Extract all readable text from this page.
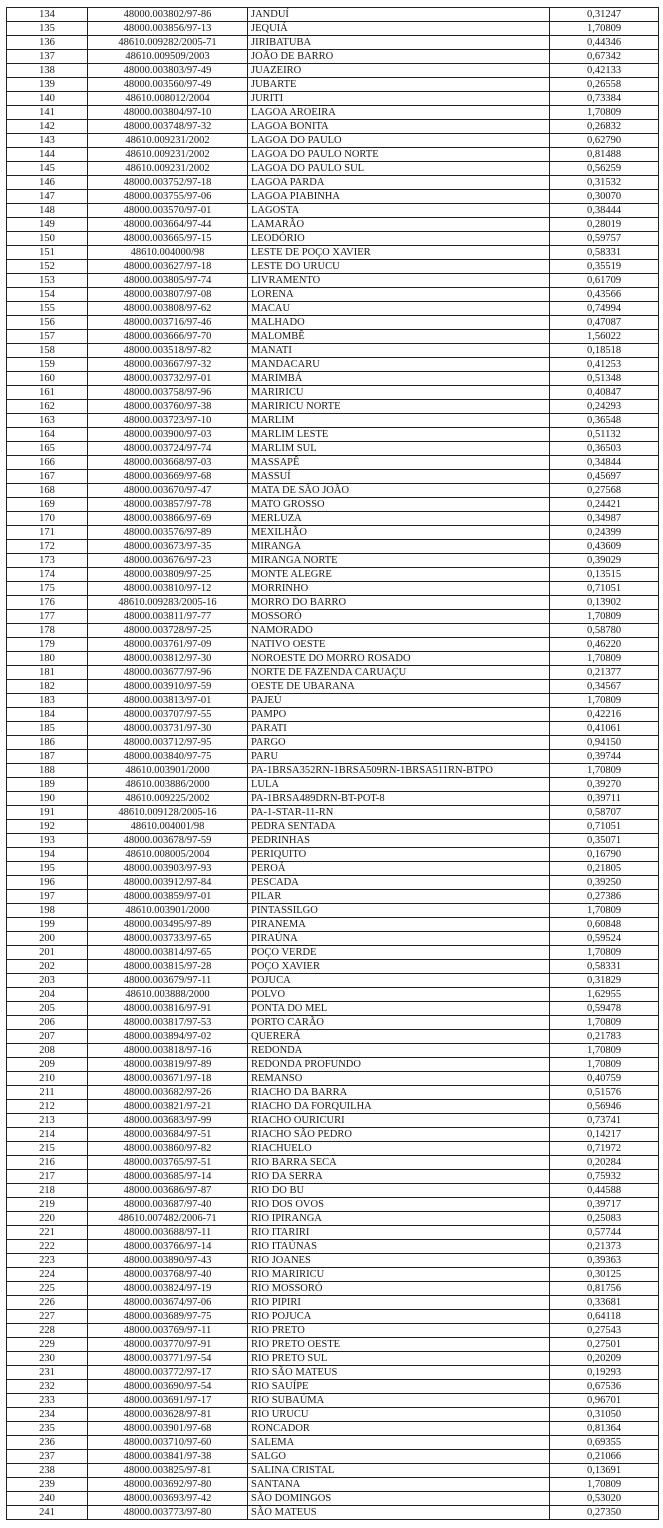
134	48000.003802/97-86	JANDUÍ	0,31247
135	48000.003856/97-13	JEQUIÁ	1,70809
136	48610.009282/2005-71	JIRIBATUBA	0,44346
137	48610.009509/2003	JOÃO DE BARRO	0,67342
138	48000.003803/97-49	JUAZEIRO	0,42133
139	48000.003560/97-49	JUBARTE	0,26558
140	48610.008012/2004	JURITI	0,73384
141	48000.003804/97-10	LAGOA AROEIRA	1,70809
142	48000.003748/97-32	LAGOA BONITA	0,26832
143	48610.009231/2002	LAGOA DO PAULO	0,62790
144	48610.009231/2002	LAGOA DO PAULO NORTE	0,81488
145	48610.009231/2002	LAGOA DO PAULO SUL	0,56259
146	48000.003752/97-18	LAGOA PARDA	0,31532
147	48000.003755/97-06	LAGOA PIABINHA	0,30070
148	48000.003570/97-01	LAGOSTA	0,38444
149	48000.003664/97-44	LAMARÃO	0,28019
150	48000.003665/97-15	LEODÓRIO	0,59757
151	48610.004000/98	LESTE DE POÇO XAVIER	0,58331
152	48000.003627/97-18	LESTE DO URUCU	0,35519
153	48000.003805/97-74	LIVRAMENTO	0,61709
154	48000.003807/97-08	LORENA	0,43566
155	48000.003808/97-62	MACAU	0,74994
156	48000.003716/97-46	MALHADO	0,47087
157	48000.003666/97-70	MALOMBÊ	1,56022
158	48000.003518/97-82	MANATI	0,18518
159	48000.003667/97-32	MANDACARU	0,41253
160	48000.003732/97-01	MARIMBÁ	0,51348
161	48000.003758/97-96	MARIRICU	0,40847
162	48000.003760/97-38	MARIRICU NORTE	0,24293
163	48000.003723/97-10	MARLIM	0,36548
164	48000.003900/97-03	MARLIM LESTE	0,51132
165	48000.003724/97-74	MARLIM SUL	0,36503
166	48000.003668/97-03	MASSAPÊ	0,34844
167	48000.003669/97-68	MASSUÍ	0,45697
168	48000.003670/97-47	MATA DE SÃO JOÃO	0,27568
169	48000.003857/97-78	MATO GROSSO	0,24421
170	48000.003866/97-69	MERLUZA	0,34987
171	48000.003576/97-89	MEXILHÃO	0,24399
172	48000.003673/97-35	MIRANGA	0,43609
173	48000.003676/97-23	MIRANGA NORTE	0,39029
174	48000.003809/97-25	MONTE ALEGRE	0,13515
175	48000.003810/97-12	MORRINHO	0,71051
176	48610.009283/2005-16	MORRO DO BARRO	0,13902
177	48000.003811/97-77	MOSSORÓ	1,70809
178	48000.003728/97-25	NAMORADO	0,58780
179	48000.003761/97-09	NATIVO OESTE	0,46220
180	48000.003812/97-30	NOROESTE DO MORRO ROSADO	1,70809
181	48000.003677/97-96	NORTE DE FAZENDA CARUAÇU	0,21377
182	48000.003910/97-59	OESTE DE UBARANA	0,34567
183	48000.003813/97-01	PAJEÚ	1,70809
184	48000.003707/97-55	PAMPO	0,42216
185	48000.003731/97-30	PARATI	0,41061
186	48000.003712/97-95	PARGO	0,94150
187	48000.003840/97-75	PARU	0,39744
188	48610.003901/2000	PA-1BRSA352RN-1BRSA509RN-1BRSA511RN-BTPO	1,70809
189	48610.003886/2000	LULA	0,39270
190	48610.009225/2002	PA-1BRSA489DRN-BT-POT-8	0,39711
191	48610.009128/2005-16	PA-1-STAR-11-RN	0,58707
192	48610.004001/98	PEDRA SENTADA	0,71051
193	48000.003678/97-59	PEDRINHAS	0,35071
194	48610.008005/2004	PERIQUITO	0,16790
195	48000.003903/97-93	PEROÁ	0,21805
196	48000.003912/97-84	PESCADA	0,39250
197	48000.003859/97-01	PILAR	0,27386
198	48610.003901/2000	PINTASSILGO	1,70809
199	48000.003495/97-89	PIRANEMA	0,60848
200	48000.003733/97-65	PIRAÚNA	0,59524
201	48000.003814/97-65	POÇO VERDE	1,70809
202	48000.003815/97-28	POÇO XAVIER	0,58331
203	48000.003679/97-11	POJUCA	0,31829
204	48610.003888/2000	POLVO	1,62955
205	48000.003816/97-91	PONTA DO MEL	0,59478
206	48000.003817/97-53	PORTO CARÃO	1,70809
207	48000.003894/97-02	QUERERÁ	0,21783
208	48000.003818/97-16	REDONDA	1,70809
209	48000.003819/97-89	REDONDA PROFUNDO	1,70809
210	48000.003671/97-18	REMANSO	0,40759
211	48000.003682/97-26	RIACHO DA BARRA	0,51576
212	48000.003821/97-21	RIACHO DA FORQUILHA	0,56946
213	48000.003683/97-99	RIACHO OURICURI	0,73741
214	48000.003684/97-51	RIACHO SÃO PEDRO	0,14217
215	48000.003860/97-82	RIACHUELO	0,71972
216	48000.003765/97-51	RIO BARRA SECA	0,20284
217	48000.003685/97-14	RIO DA SERRA	0,75932
218	48000.003686/97-87	RIO DO BU	0,44588
219	48000.003687/97-40	RIO DOS OVOS	0,39717
220	48610.007482/2006-71	RIO IPIRANGA	0,25083
221	48000.003688/97-11	RIO ITARIRI	0,57744
222	48000.003766/97-14	RIO ITAÚNAS	0,21373
223	48000.003890/97-43	RIO JOANES	0,39363
224	48000.003768/97-40	RIO MARIRICU	0,30125
225	48000.003824/97-19	RIO MOSSORÓ	0,81756
226	48000.003674/97-06	RIO PIPIRI	0,33681
227	48000.003689/97-75	RIO POJUCA	0,64118
228	48000.003769/97-11	RIO PRETO	0,27543
229	48000.003770/97-91	RIO PRETO OESTE	0,27501
230	48000.003771/97-54	RIO PRETO SUL	0,20209
231	48000.003772/97-17	RIO SÃO MATEUS	0,19293
232	48000.003690/97-54	RIO SAUÍPE	0,67536
233	48000.003691/97-17	RIO SUBAÚMA	0,96701
234	48000.003628/97-81	RIO URUCU	0,31050
235	48000.003901/97-68	RONCADOR	0,81364
236	48000.003710/97-60	SALEMA	0,69355
237	48000.003841/97-38	SALGO	0,21066
238	48000.003825/97-81	SALINA CRISTAL	0,13691
239	48000.003692/97-80	SANTANA	1,70809
240	48000.003693/97-42	SÃO DOMINGOS	0,53020
241	48000.003773/97-80	SÃO MATEUS	0,27350
